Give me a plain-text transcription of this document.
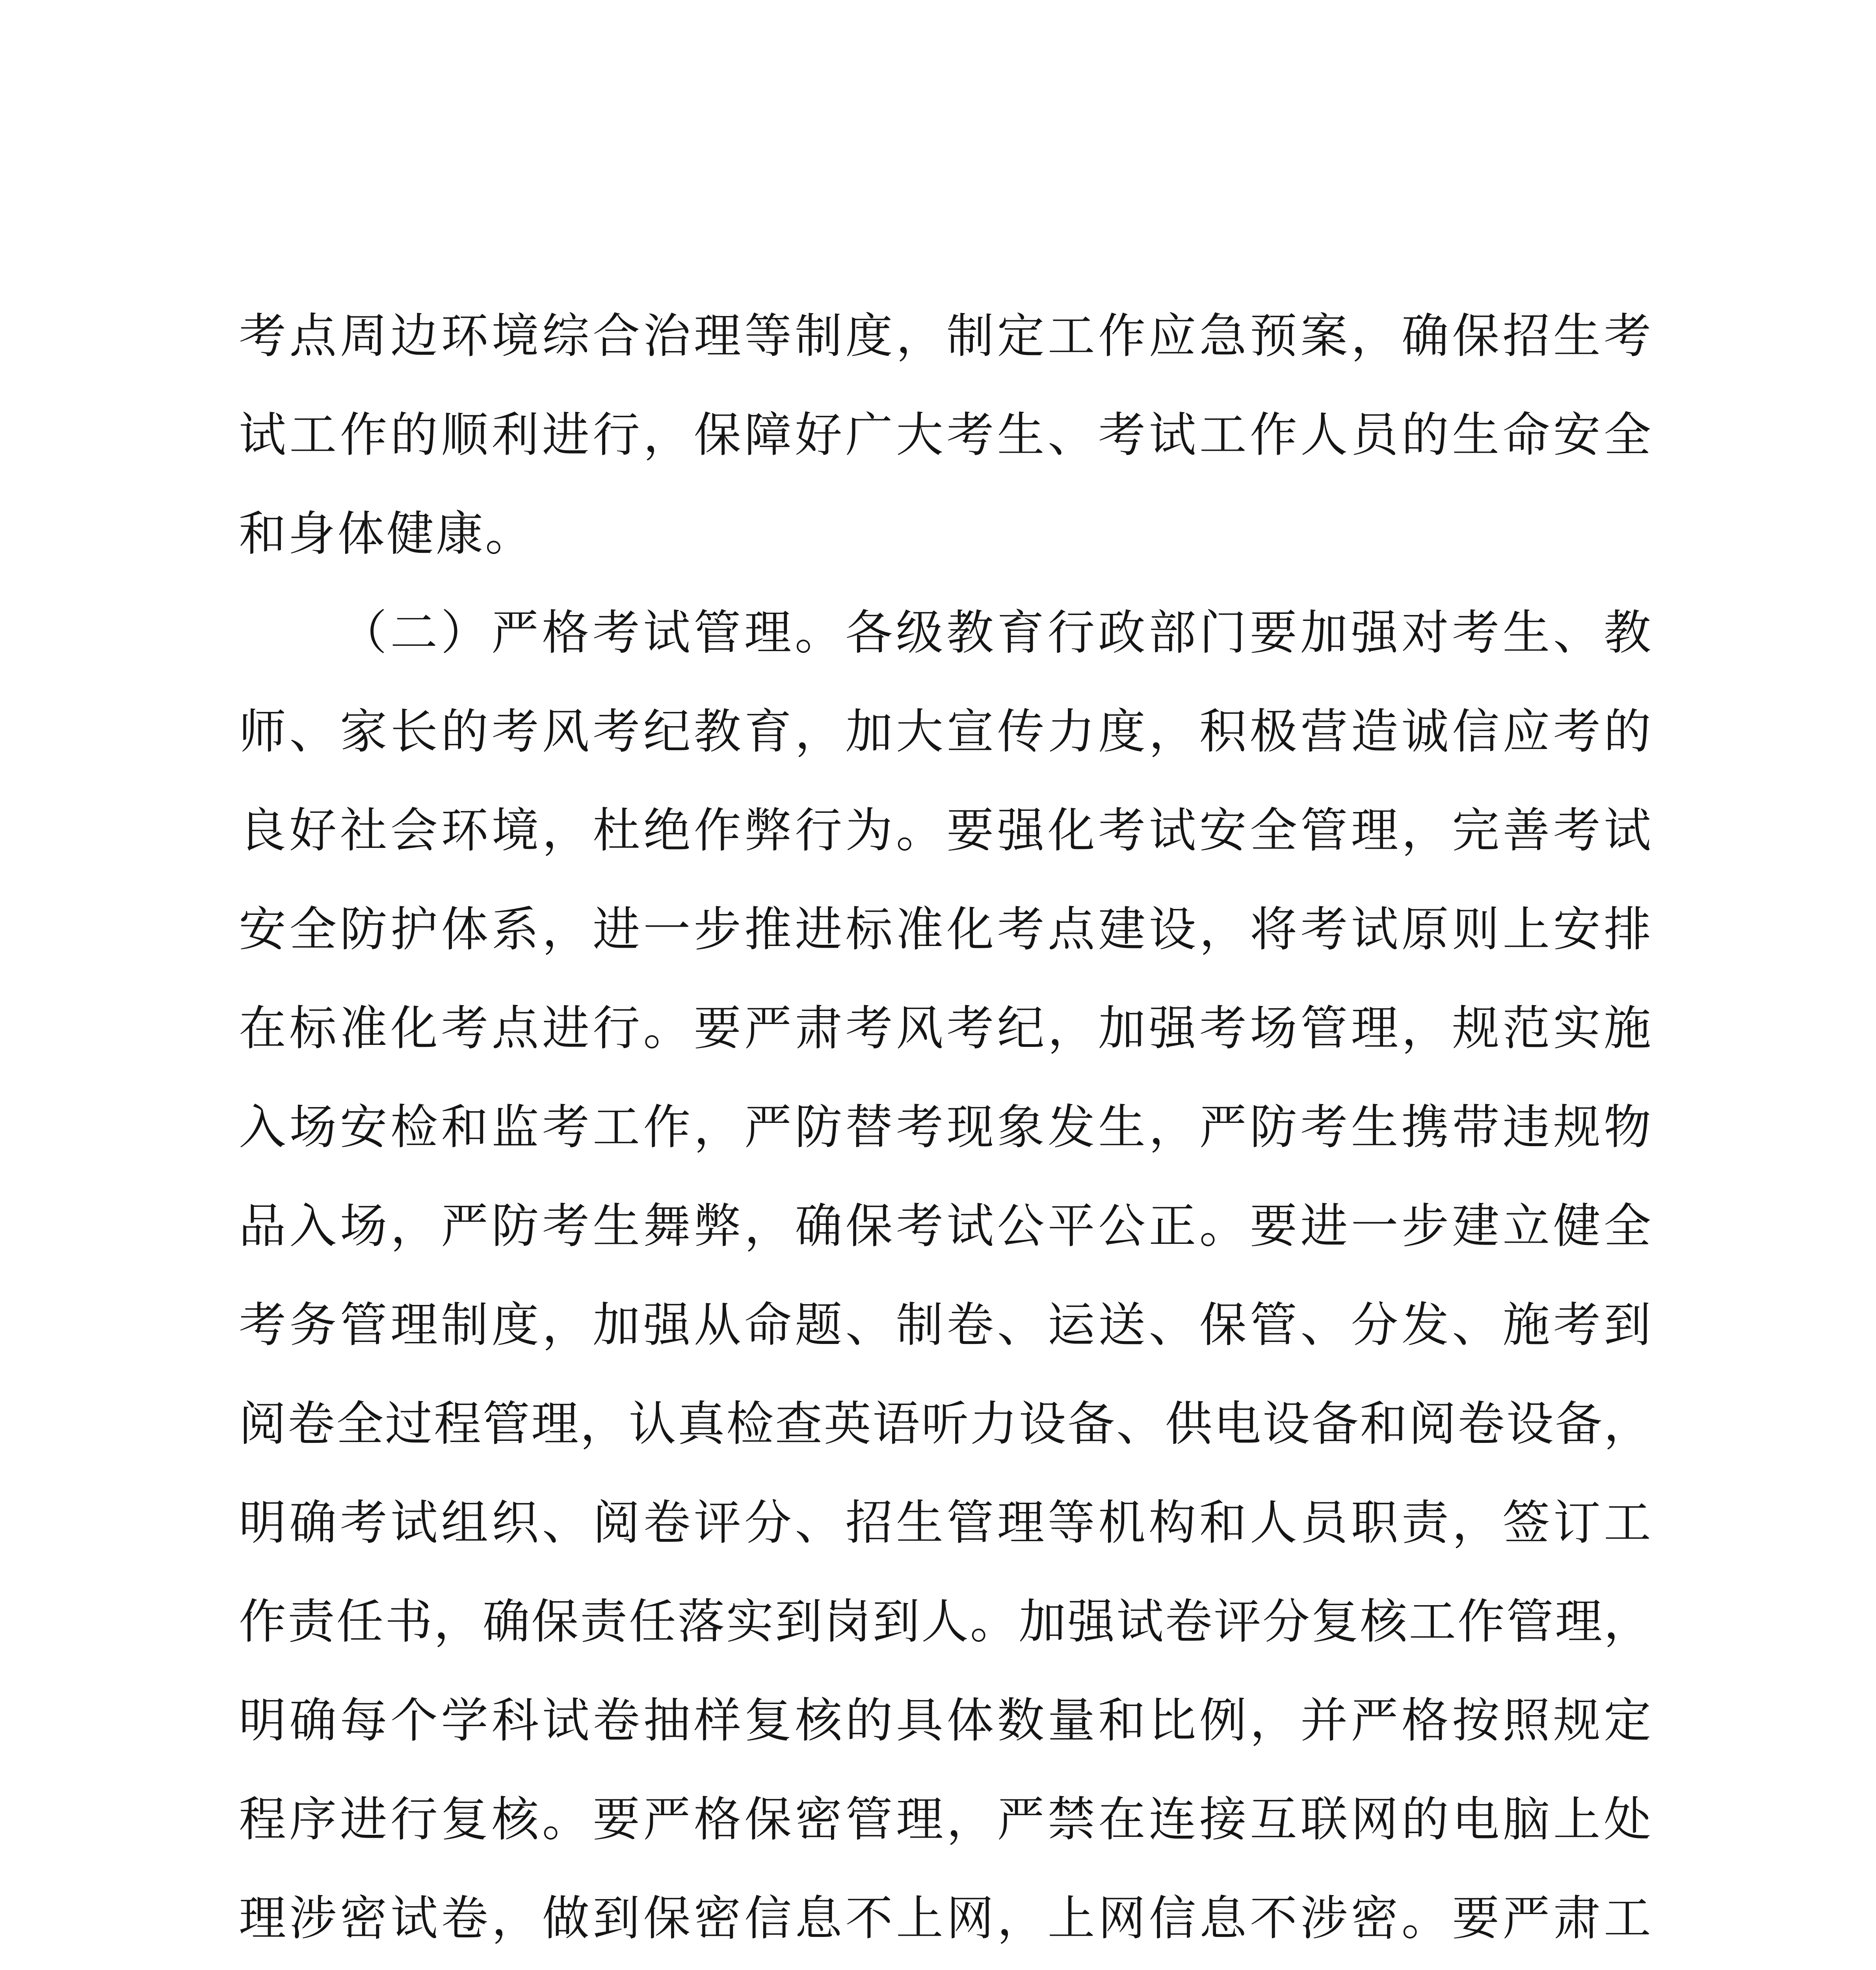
考点周边环境综合治理等制度，制定工作应急预案，确保招生考
试工作的顺利进行，保障好广大考生、考试工作人员的生命安全
和身体健康。
（二）严格考试管理。各级教育行政部门要加强对考生、教
师、家长的考风考纪教育，加大宣传力度，积极营造诚信应考的
良好社会环境，杜绝作弊行为。要强化考试安全管理，完善考试
安全防护体系，进一步推进标准化考点建设，将考试原则上安排
在标准化考点进行。要严肃考风考纪，加强考场管理，规范实施
入场安检和监考工作，严防替考现象发生，严防考生携带违规物
品入场，严防考生舞弊，确保考试公平公正。要进一步建立健全
考务管理制度，加强从命题、制卷、运送、保管、分发、施考到
阅卷全过程管理，认真检查英语听力设备、供电设备和阅卷设备，
明确考试组织、阅卷评分、招生管理等机构和人员职责，签订工
作责任书，确保责任落实到岗到人。加强试卷评分复核工作管理，
明确每个学科试卷抽样复核的具体数量和比例，并严格按照规定
程序进行复核。要严格保密管理，严禁在连接互联网的电脑上处
理涉密试卷，做到保密信息不上网，上网信息不涉密。要严肃工
